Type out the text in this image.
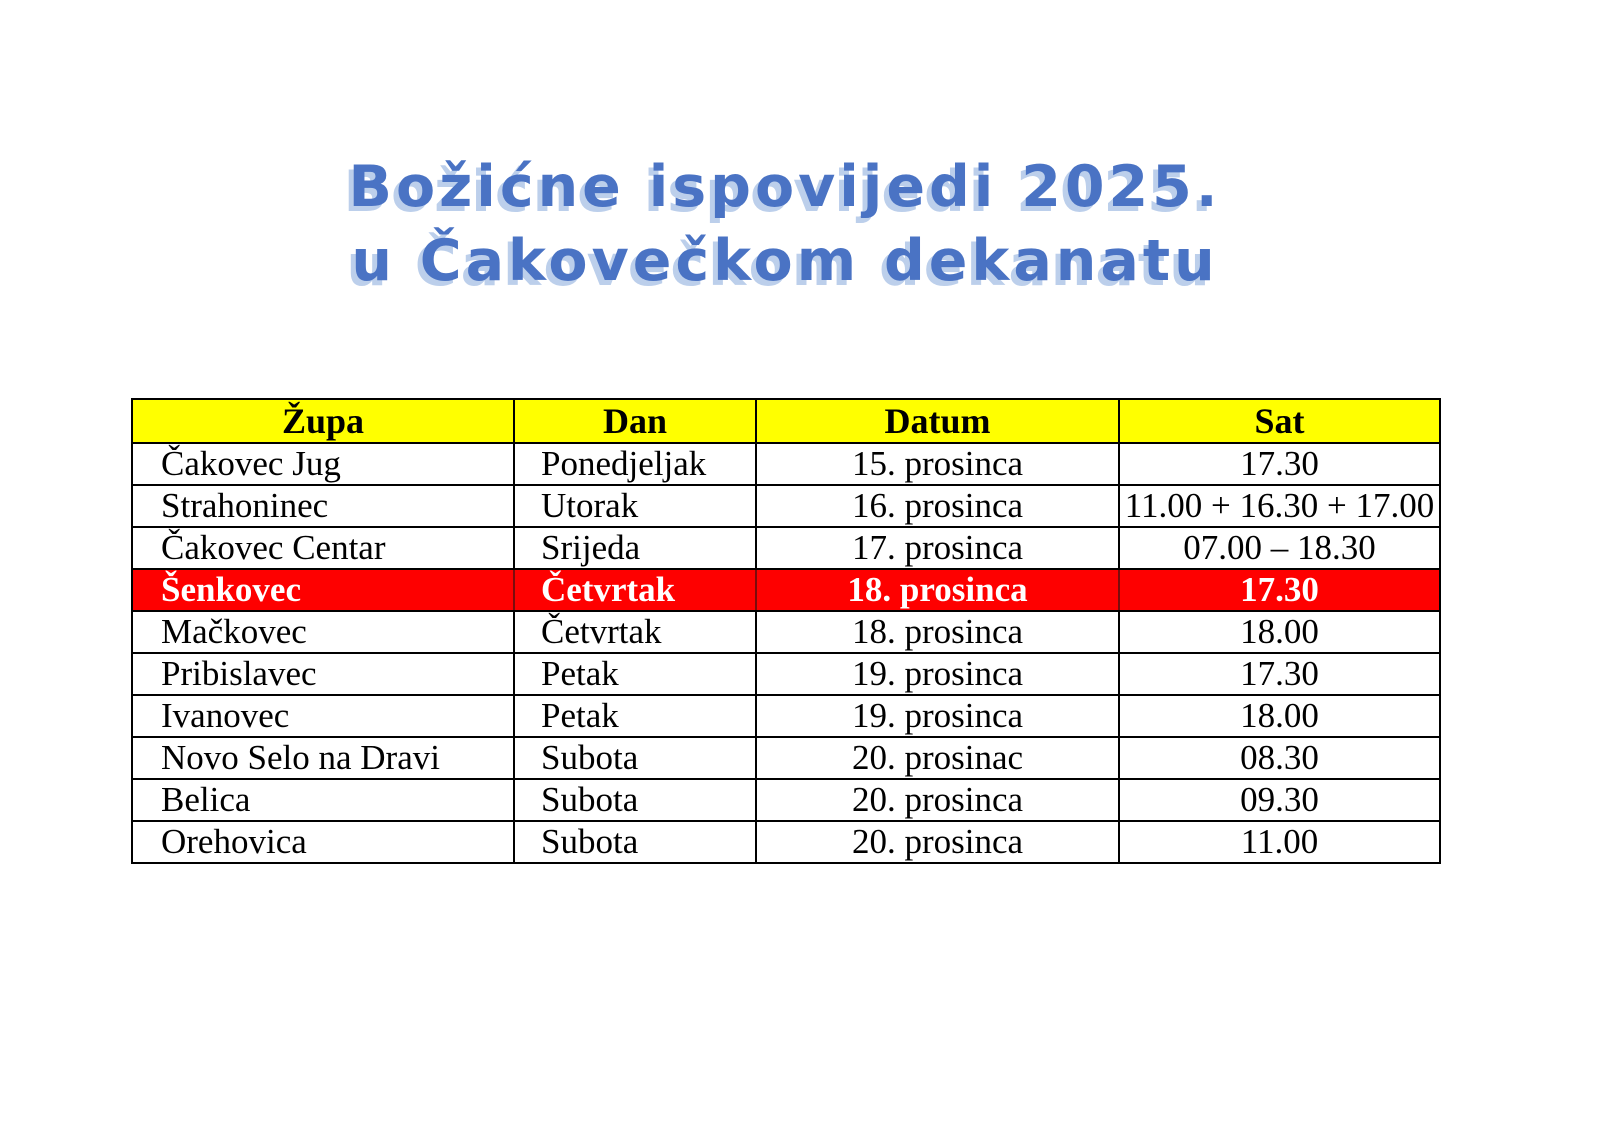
Božićne ispovijedi 2025.
u Čakovečkom dekanatu
Župa	Dan	Datum	Sat
Čakovec Jug	Ponedjeljak	15. prosinca	17.30
Strahoninec	Utorak	16. prosinca	11.00 + 16.30 + 17.00
Čakovec Centar	Srijeda	17. prosinca	07.00 – 18.30
Šenkovec	Četvrtak	18. prosinca	17.30
Mačkovec	Četvrtak	18. prosinca	18.00
Pribislavec	Petak	19. prosinca	17.30
Ivanovec	Petak	19. prosinca	18.00
Novo Selo na Dravi	Subota	20. prosinac	08.30
Belica	Subota	20. prosinca	09.30
Orehovica	Subota	20. prosinca	11.00
